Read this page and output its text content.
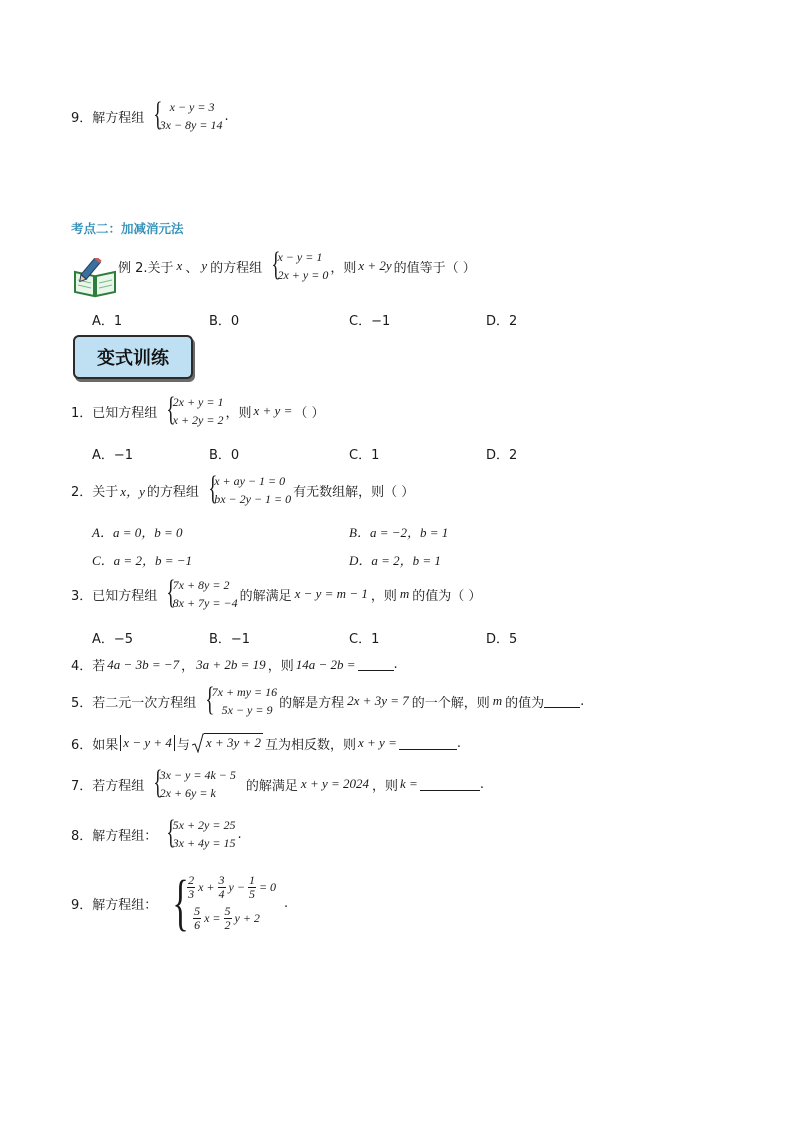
9． 解方程组 { x − y = 3
3x − 8y = 14
.
考点二：加减消元法
例 2.关于 x 、 y 的方程组 {
x − y = 1
2x + y = 0 ，则 x + 2y 的值等于（ ）
A．1	B．0	C．−1	D．2
变式训练
1． 已知方程组 {
2x + y = 1
x + 2y = 2 ，则 x + y = （ ）
A．−1	B．0	C．1	D．2
2． 关于 x，y 的方程组 {
x + ay − 1 = 0
bx − 2y − 1 = 0 有无数组解，则（ ）
A．a = 0，b = 0	B．a = −2，b = 1
C．a = 2，b = −1	D．a = 2，b = 1
3． 已知方程组 {
7x + 8y = 2
8x + 7y = −4 的解满足 x − y = m − 1 ，则 m 的值为（ ）
A．−5	B．−1	C．1	D．5
4． 若 4a − 3b = −7 ， 3a + 2b = 19 ，则 14a − 2b =	.
5． 若二元一次方程组 {
7x + my = 16
5x − y = 9 的解是方程 2x + 3y = 7 的一个解，则 m 的值为	.
6． 如果 x − y + 4 与 x + 3y + 2 互为相反数，则 x + y =	.
7． 若方程组 {
3x − y = 4k − 5
2x + 6y = k	的解满足 x + y = 2024 ，则 k =	.
8． 解方程组： {
5x + 2y = 25
3x + 4y = 15
.
9． 解方程组： {
$\frac{2}{3}$ $x + \frac{3}{4}$ $y - \frac{1}{5} = 0$
$\frac{5}{6}$ $x = \frac{5}{2}$ y + 2
.
